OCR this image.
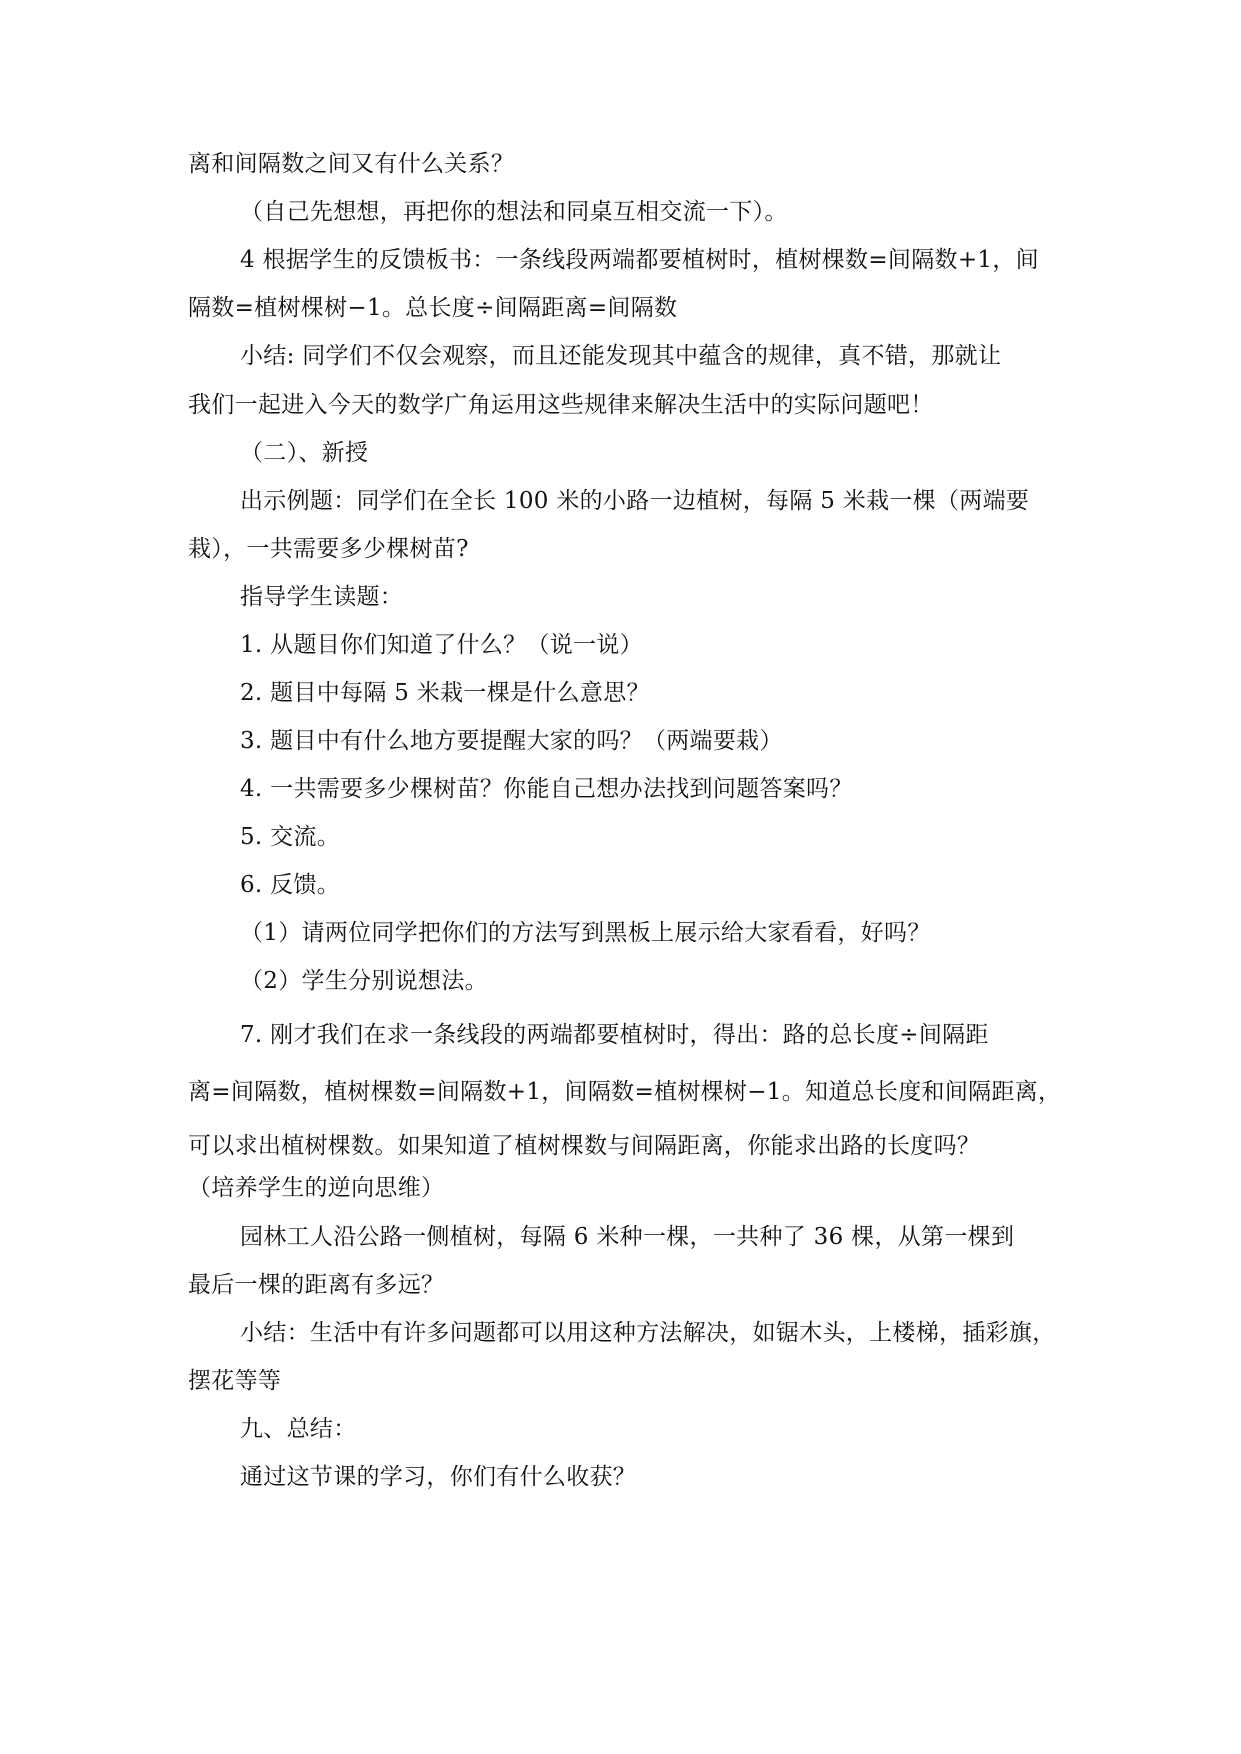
离和间隔数之间又有什么关系？
（自己先想想，再把你的想法和同桌互相交流一下）。
4 根据学生的反馈板书：一条线段两端都要植树时，植树棵数=间隔数+1，间
隔数=植树棵树−1。总长度÷间隔距离=间隔数
小结: 同学们不仅会观察，而且还能发现其中蕴含的规律，真不错，那就让
我们一起进入今天的数学广角运用这些规律来解决生活中的实际问题吧！
（二）、新授
出示例题：同学们在全长 100 米的小路一边植树，每隔 5 米栽一棵（两端要
栽），一共需要多少棵树苗?
指导学生读题：
1. 从题目你们知道了什么？（说一说）
2. 题目中每隔 5 米栽一棵是什么意思？
3. 题目中有什么地方要提醒大家的吗？（两端要栽）
4. 一共需要多少棵树苗？你能自己想办法找到问题答案吗？
5. 交流。
6. 反馈。
（1）请两位同学把你们的方法写到黑板上展示给大家看看，好吗？
（2）学生分别说想法。
7. 刚才我们在求一条线段的两端都要植树时，得出：路的总长度÷间隔距
离=间隔数，植树棵数=间隔数+1，间隔数=植树棵树−1。知道总长度和间隔距离，
可以求出植树棵数。如果知道了植树棵数与间隔距离，你能求出路的长度吗？
（培养学生的逆向思维）
园林工人沿公路一侧植树，每隔 6 米种一棵，一共种了 36 棵，从第一棵到
最后一棵的距离有多远？
小结：生活中有许多问题都可以用这种方法解决，如锯木头，上楼梯，插彩旗，
摆花等等
九、总结：
通过这节课的学习，你们有什么收获？
